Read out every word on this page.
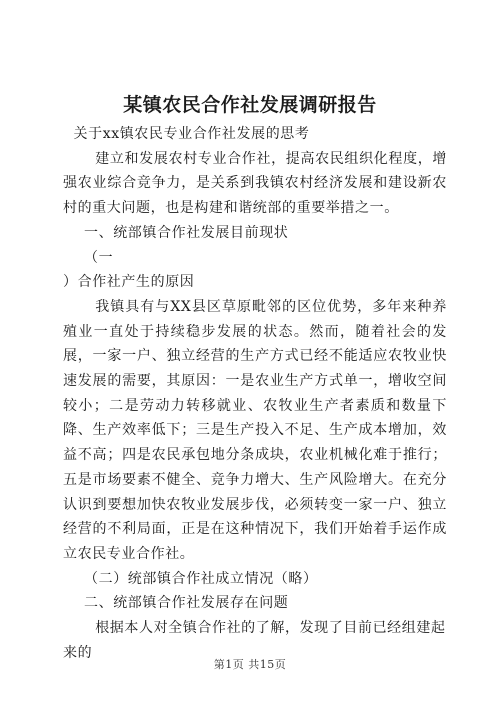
某镇农民合作社发展调研报告

关于xx镇农民专业合作社发展的思考

建立和发展农村专业合作社，提高农民组织化程度，增强农业综合竞争力，是关系到我镇农村经济发展和建设新农村的重大问题，也是构建和谐统部的重要举措之一。

一、统部镇合作社发展目前现状

（一

）合作社产生的原因

我镇具有与XX县区草原毗邻的区位优势，多年来种养殖业一直处于持续稳步发展的状态。然而，随着社会的发展，一家一户、独立经营的生产方式已经不能适应农牧业快速发展的需要，其原因：一是农业生产方式单一，增收空间较小；二是劳动力转移就业、农牧业生产者素质和数量下降、生产效率低下；三是生产投入不足、生产成本增加，效益不高；四是农民承包地分条成块，农业机械化难于推行；五是市场要素不健全、竞争力增大、生产风险增大。在充分认识到要想加快农牧业发展步伐，必须转变一家一户、独立经营的不利局面，正是在这种情况下，我们开始着手运作成立农民专业合作社。

（二）统部镇合作社成立情况（略）

二、统部镇合作社发展存在问题

根据本人对全镇合作社的了解，发现了目前已经组建起来的

第1页 共15页
